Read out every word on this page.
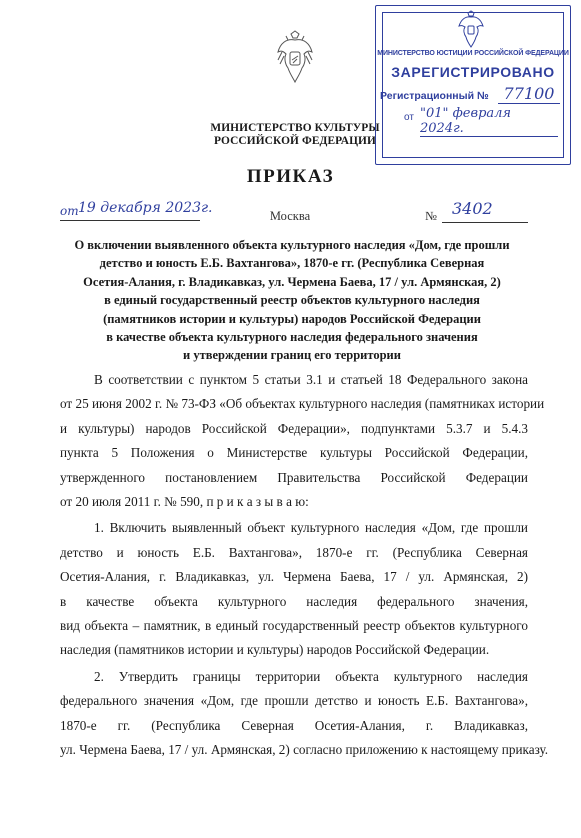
МИНИСТЕРСТВО КУЛЬТУРЫ
РОССИЙСКОЙ ФЕДЕРАЦИИ
МИНИСТЕРСТВО ЮСТИЦИИ РОССИЙСКОЙ ФЕДЕРАЦИИ
ЗАРЕГИСТРИРОВАНО
Регистрационный № 77100
от "01" февраля 2024г.
ПРИКАЗ
от 19 декабря 2023г.	Москва	№ 3402
О включении выявленного объекта культурного наследия «Дом, где прошли
детство и юность Е.Б. Вахтангова», 1870-е гг. (Республика Северная
Осетия-Алания, г. Владикавказ, ул. Чермена Баева, 17 / ул. Армянская, 2)
в единый государственный реестр объектов культурного наследия
(памятников истории и культуры) народов Российской Федерации
в качестве объекта культурного наследия федерального значения
и утверждении границ его территории
В соответствии с пунктом 5 статьи 3.1 и статьей 18 Федерального закона
от 25 июня 2002 г. № 73-ФЗ «Об объектах культурного наследия (памятниках истории
и культуры) народов Российской Федерации», подпунктами 5.3.7 и 5.4.3
пункта 5 Положения о Министерстве культуры Российской Федерации,
утвержденного постановлением Правительства Российской Федерации
от 20 июля 2011 г. № 590, п р и к а з ы в а ю:
1. Включить выявленный объект культурного наследия «Дом, где прошли
детство и юность Е.Б. Вахтангова», 1870-е гг. (Республика Северная
Осетия-Алания, г. Владикавказ, ул. Чермена Баева, 17 / ул. Армянская, 2)
в качестве объекта культурного наследия федерального значения,
вид объекта – памятник, в единый государственный реестр объектов культурного
наследия (памятников истории и культуры) народов Российской Федерации.
2. Утвердить границы территории объекта культурного наследия
федерального значения «Дом, где прошли детство и юность Е.Б. Вахтангова»,
1870-е гг. (Республика Северная Осетия-Алания, г. Владикавказ,
ул. Чермена Баева, 17 / ул. Армянская, 2) согласно приложению к настоящему приказу.
